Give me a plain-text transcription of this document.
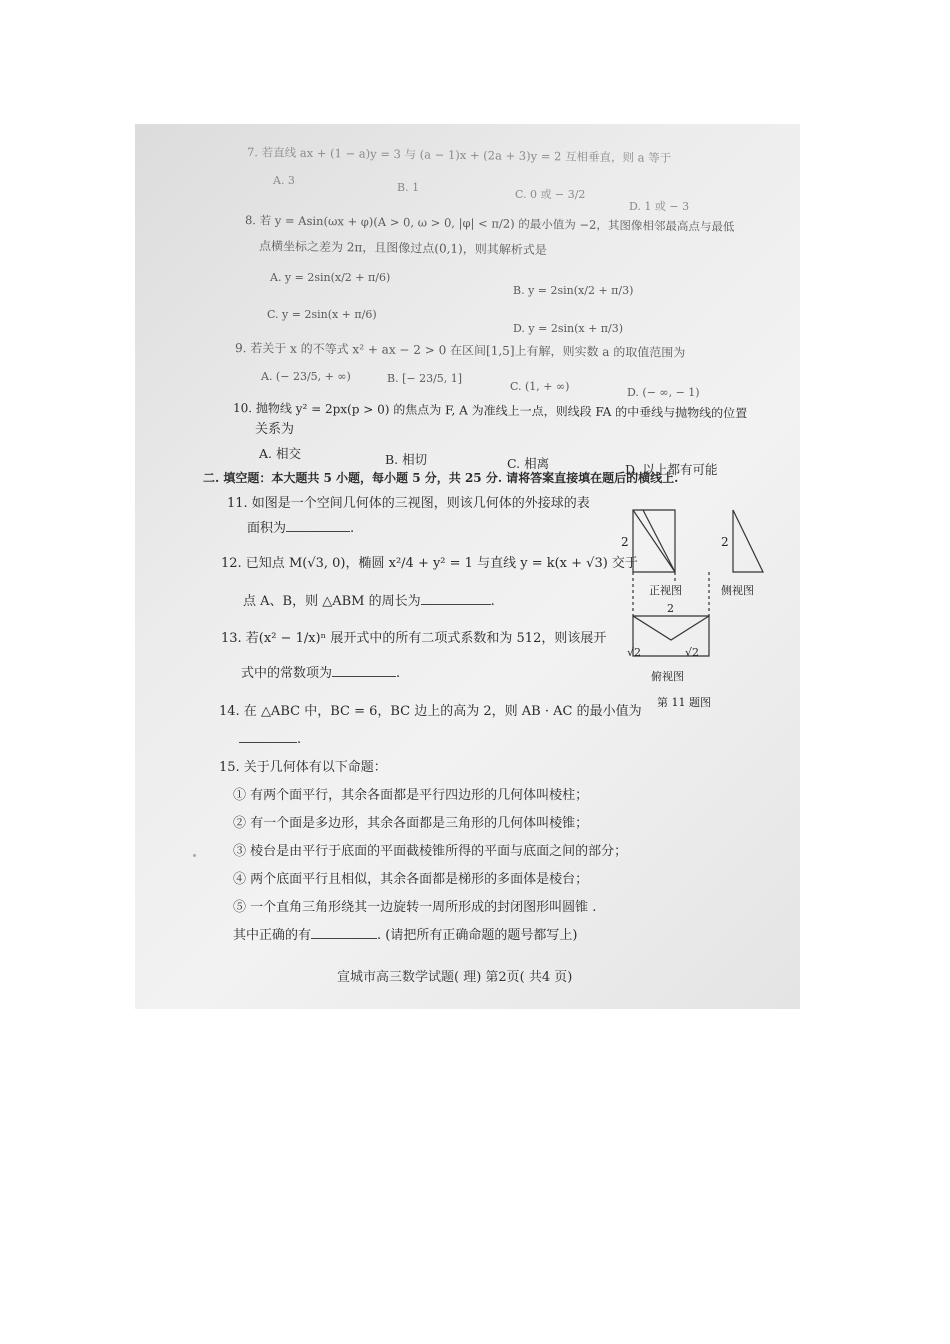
7. 若直线 ax + (1 − a)y = 3 与 (a − 1)x + (2a + 3)y = 2 互相垂直，则 a 等于
A. 3
B. 1
C. 0 或 − 3/2
D. 1 或 − 3
8. 若 y = Asin(ωx + φ)(A > 0, ω > 0, |φ| < π/2) 的最小值为 −2，其图像相邻最高点与最低
点横坐标之差为 2π，且图像过点(0,1)，则其解析式是
A. y = 2sin(x/2 + π/6)
B. y = 2sin(x/2 + π/3)
C. y = 2sin(x + π/6)
D. y = 2sin(x + π/3)
9. 若关于 x 的不等式 x² + ax − 2 > 0 在区间[1,5]上有解，则实数 a 的取值范围为
A. (− 23/5, + ∞)	B. [− 23/5, 1]
C. (1, + ∞)	D. (− ∞, − 1)
10. 抛物线 y² = 2px(p > 0) 的焦点为 F, A 为准线上一点，则线段 FA 的中垂线与抛物线的位置
关系为
A. 相交	B. 相切	C. 相离	D. 以上都有可能
二. 填空题：本大题共 5 小题，每小题 5 分，共 25 分. 请将答案直接填在题后的横线上.
11. 如图是一个空间几何体的三视图，则该几何体的外接球的表
面积为	.
12. 已知点 M(√3, 0)，椭圆 x²/4 + y² = 1 与直线 y = k(x + √3) 交于
点 A、B，则 △ABM 的周长为	.
13. 若(x² − 1/x)ⁿ 展开式中的所有二项式系数和为 512，则该展开
式中的常数项为	.
14. 在 △ABC 中，BC = 6，BC 边上的高为 2，则 AB · AC 的最小值为
.
15. 关于几何体有以下命题：
① 有两个面平行，其余各面都是平行四边形的几何体叫棱柱；
② 有一个面是多边形，其余各面都是三角形的几何体叫棱锥；
③ 棱台是由平行于底面的平面截棱锥所得的平面与底面之间的部分；
④ 两个底面平行且相似，其余各面都是梯形的多面体是棱台；
⑤ 一个直角三角形绕其一边旋转一周所形成的封闭图形叫圆锥 .
其中正确的有	. (请把所有正确命题的题号都写上)
宣城市高三数学试题( 理) 第2页( 共4 页)
2	2
2
√2	√2
正视图	侧视图
俯视图
第 11 题图
